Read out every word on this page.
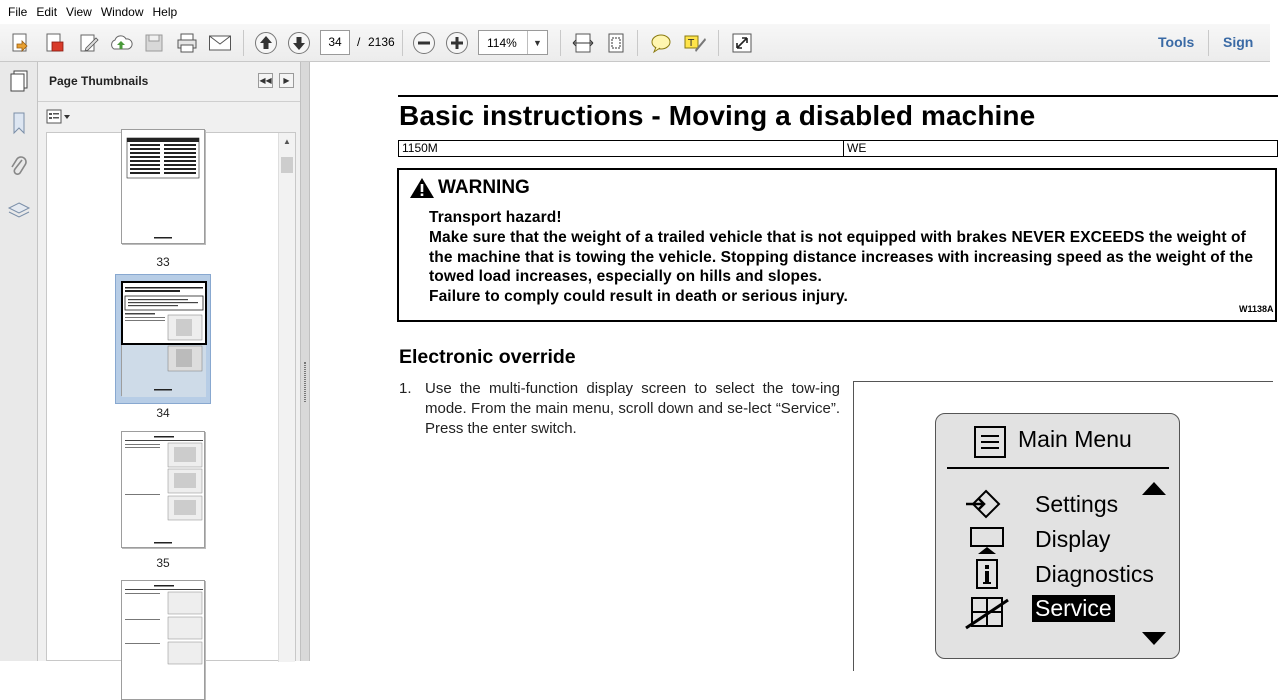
File Edit View Window Help
34	/ 2136	114%	▼	T	Tools Sign
Page Thumbnails	◀◀	▶
33
34
35
▲
Basic instructions - Moving a disabled machine
1150M	WE
WARNING
Transport hazard!
Make sure that the weight of a trailed vehicle that is not equipped with brakes NEVER EXCEEDS the weight of the machine that is towing the vehicle. Stopping distance increases with increasing speed as the weight of the towed load increases, especially on hills and slopes.
Failure to comply could result in death or serious injury.
W1138A
Electronic override
1. Use the multi-function display screen to select the tow-ing mode. From the main menu, scroll down and se-lect “Service”. Press the enter switch.	Main Menu
Settings
Display
Diagnostics
Service
